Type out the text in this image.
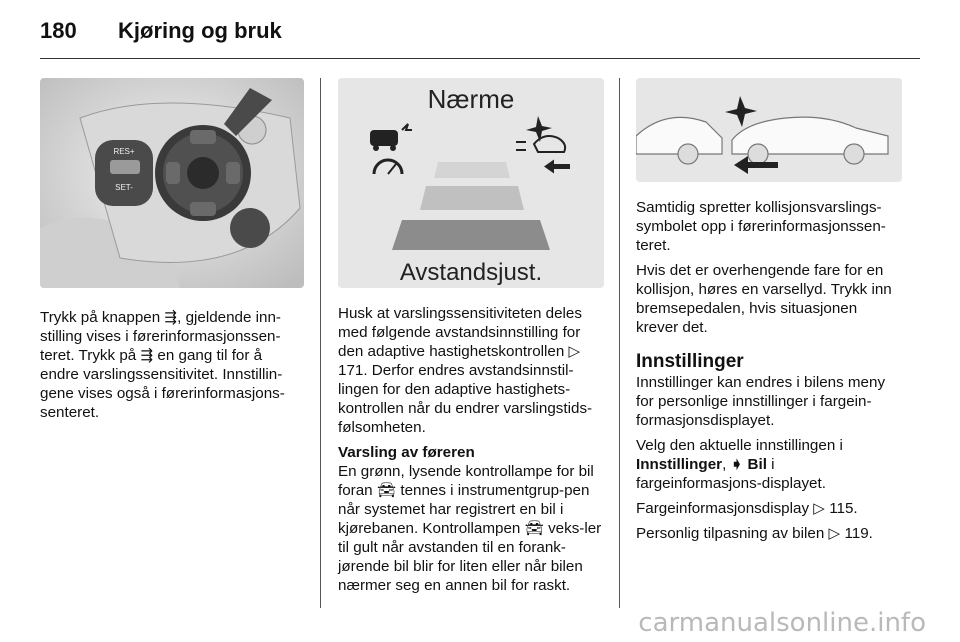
180 Kjøring og bruk
RES+
SET-

Trykk på knappen ⇶, gjeldende inn-stilling vises i førerinformasjonssen-teret. Trykk på ⇶ en gang til for å endre varslingssensitivitet. Innstillin-gene vises også i førerinformasjons-senteret.

Nærme
Avstandsjust.

Husk at varslingssensitiviteten deles med følgende avstandsinnstilling for den adaptive hastighetskontrollen ▷ 171. Derfor endres avstandsinnstil-lingen for den adaptive hastighets-kontrollen når du endrer varslingstids-følsomheten.

Varsling av føreren

En grønn, lysende kontrollampe for bil foran 🚘︎ tennes i instrumentgrup-pen når systemet har registrert en bil i kjørebanen. Kontrollampen 🚘︎ veks-ler til gult når avstanden til en forank-jørende bil blir for liten eller når bilen nærmer seg en annen bil for raskt.

Samtidig spretter kollisjonsvarslings-symbolet opp i førerinformasjonssen-teret.

Hvis det er overhengende fare for en kollisjon, høres en varsellyd. Trykk inn bremsepedalen, hvis situasjonen krever det.

Innstillinger

Innstillinger kan endres i bilens meny for personlige innstillinger i fargein-formasjonsdisplayet.

Velg den aktuelle innstillingen i Innstillinger, ➧ Bil i fargeinformasjons-displayet.

Fargeinformasjonsdisplay ▷ 115.

Personlig tilpasning av bilen ▷ 119.

carmanualsonline.info
